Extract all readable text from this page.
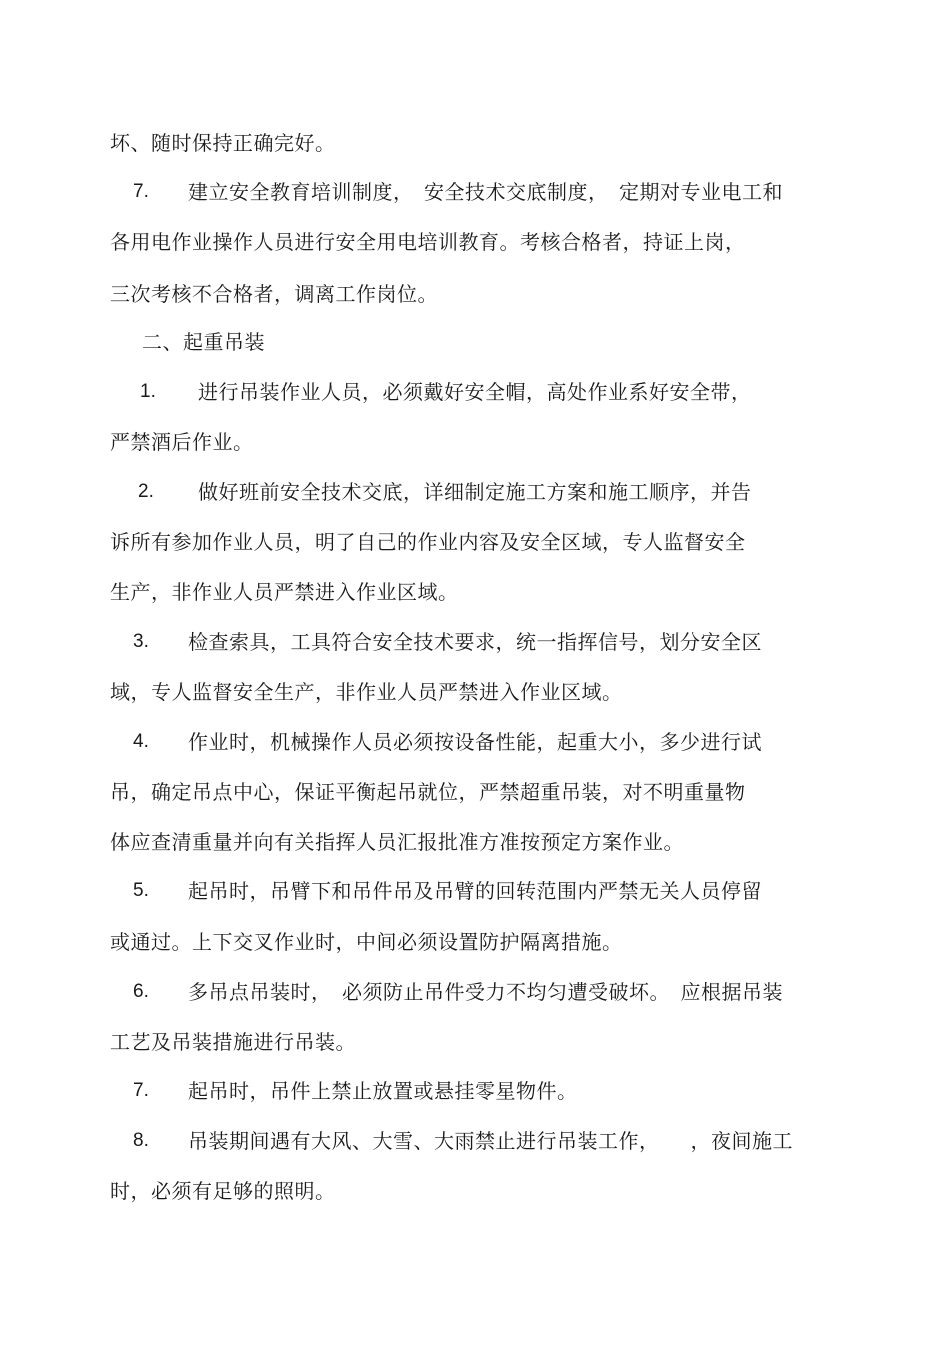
坏、随时保持正确完好。
7. 建立安全教育培训制度，　安全技术交底制度，　定期对专业电工和
各用电作业操作人员进行安全用电培训教育。考核合格者，持证上岗，
三次考核不合格者，调离工作岗位。
二、起重吊装
1. 进行吊装作业人员，必须戴好安全帽，高处作业系好安全带，
严禁酒后作业。
2. 做好班前安全技术交底，详细制定施工方案和施工顺序，并告
诉所有参加作业人员，明了自己的作业内容及安全区域，专人监督安全
生产，非作业人员严禁进入作业区域。
3. 检查索具，工具符合安全技术要求，统一指挥信号，划分安全区
域，专人监督安全生产，非作业人员严禁进入作业区域。
4. 作业时，机械操作人员必须按设备性能，起重大小，多少进行试
吊，确定吊点中心，保证平衡起吊就位，严禁超重吊装，对不明重量物
体应查清重量并向有关指挥人员汇报批准方准按预定方案作业。
5. 起吊时，吊臂下和吊件吊及吊臂的回转范围内严禁无关人员停留
或通过。上下交叉作业时，中间必须设置防护隔离措施。
6. 多吊点吊装时，　必须防止吊件受力不均匀遭受破坏。　应根据吊装
工艺及吊装措施进行吊装。
7. 起吊时，吊件上禁止放置或悬挂零星物件。
8. 吊装期间遇有大风、大雪、大雨禁止进行吊装工作，　　，夜间施工
时，必须有足够的照明。
